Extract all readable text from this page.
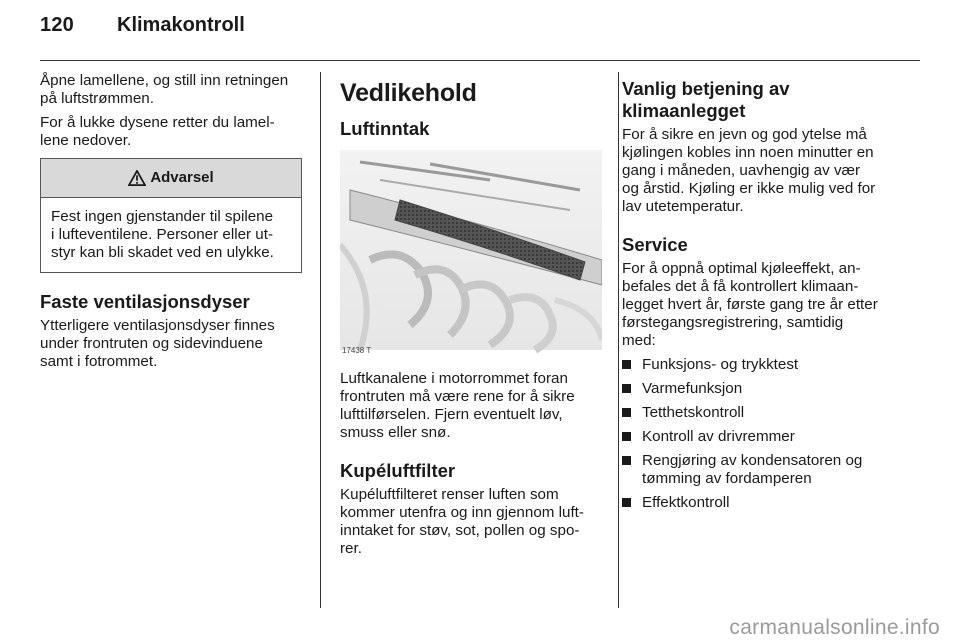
120 Klimakontroll

Åpne lamellene, og still inn retningen
på luftstrømmen.

For å lukke dysene retter du lamel-
lene nedover.

Advarsel
Fest ingen gjenstander til spilene
i lufteventilene. Personer eller ut-
styr kan bli skadet ved en ulykke.
Faste ventilasjonsdyser

Ytterligere ventilasjonsdyser finnes
under frontruten og sidevinduene
samt i fotrommet.

Vedlikehold
Luftinntak
17438 T

Luftkanalene i motorrommet foran
frontruten må være rene for å sikre
lufttilførselen. Fjern eventuelt løv,
smuss eller snø.

Kupéluftfilter

Kupéluftfilteret renser luften som
kommer utenfra og inn gjennom luft-
inntaket for støv, sot, pollen og spo-
rer.

Vanlig betjening av
klimaanlegget

For å sikre en jevn og god ytelse må
kjølingen kobles inn noen minutter en
gang i måneden, uavhengig av vær
og årstid. Kjøling er ikke mulig ved for
lav utetemperatur.

Service

For å oppnå optimal kjøleeffekt, an-
befales det å få kontrollert klimaan-
legget hvert år, første gang tre år etter
førstegangsregistrering, samtidig
med:

Funksjons- og trykktest
Varmefunksjon
Tetthetskontroll
Kontroll av drivremmer
Rengjøring av kondensatoren og
tømming av fordamperen
Effektkontroll
carmanualsonline.info
